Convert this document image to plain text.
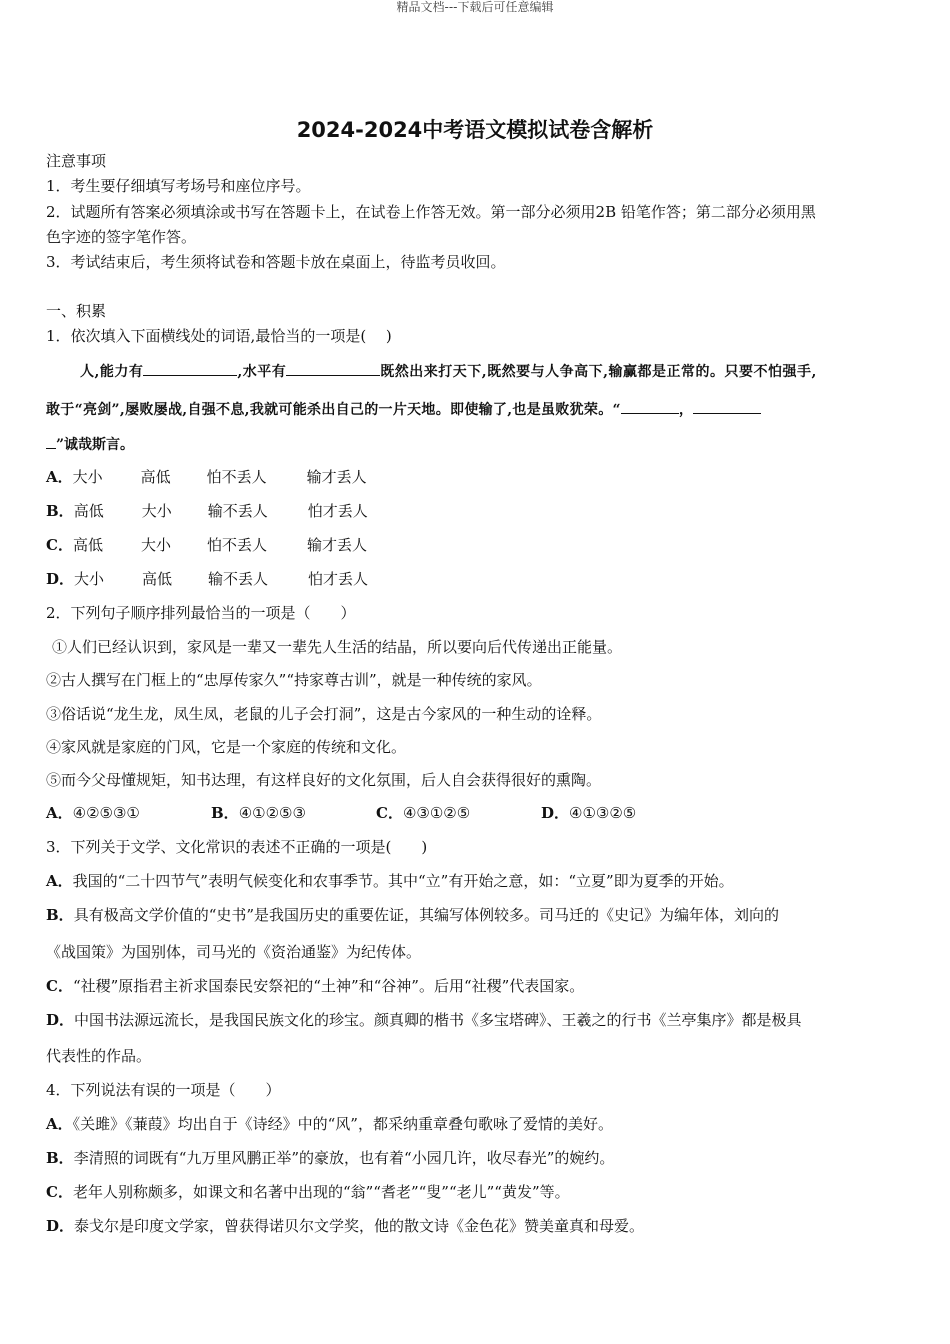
精品文档---下载后可任意编辑
2024-2024中考语文模拟试卷含解析
注意事项
1．考生要仔细填写考场号和座位序号。
2．试题所有答案必须填涂或书写在答题卡上，在试卷上作答无效。第一部分必须用2B 铅笔作答；第二部分必须用黑
色字迹的签字笔作答。
3．考试结束后，考生须将试卷和答题卡放在桌面上，待监考员收回。
一、积累
1．依次填入下面横线处的词语,最恰当的一项是(　 )
人,能力有	,水平有	既然出来打天下,既然要与人争高下,输赢都是正常的。只要不怕强手,
敢于“亮剑”,屡败屡战,自强不息,我就可能杀出自己的一片天地。即使输了,也是虽败犹荣。“	，
”诚哉斯言。
A．大小	高低 怕不丢人	输才丢人
B．高低	大小 输不丢人	怕才丢人
C．高低	大小 怕不丢人	输才丢人
D．大小	高低 输不丢人	怕才丢人
2．下列句子顺序排列最恰当的一项是（　　）
①人们已经认识到，家风是一辈又一辈先人生活的结晶，所以要向后代传递出正能量。
②古人撰写在门框上的“忠厚传家久”“持家尊古训”，就是一种传统的家风。
③俗话说“龙生龙，凤生凤，老鼠的儿子会打洞”，这是古今家风的一种生动的诠释。
④家风就是家庭的门风，它是一个家庭的传统和文化。
⑤而今父母懂规矩，知书达理，有这样良好的文化氛围，后人自会获得很好的熏陶。
A．④②⑤③①	B．④①②⑤③	C．④③①②⑤	D．④①③②⑤
3．下列关于文学、文化常识的表述不正确的一项是(　　)
A．我国的“二十四节气”表明气候变化和农事季节。其中“立”有开始之意，如：“立夏”即为夏季的开始。
B．具有极高文学价值的“史书”是我国历史的重要佐证，其编写体例较多。司马迁的《史记》为编年体，刘向的
《战国策》为国别体，司马光的《资治通鉴》为纪传体。
C．“社稷”原指君主祈求国泰民安祭祀的“土神”和“谷神”。后用“社稷”代表国家。
D．中国书法源远流长，是我国民族文化的珍宝。颜真卿的楷书《多宝塔碑》、王羲之的行书《兰亭集序》都是极具
代表性的作品。
4．下列说法有误的一项是（　　）
A．《关雎》《蒹葭》均出自于《诗经》中的“风”，都采纳重章叠句歌咏了爱情的美好。
B．李清照的词既有“九万里风鹏正举”的豪放，也有着“小园几许，收尽春光”的婉约。
C．老年人别称颇多，如课文和名著中出现的“翁”“耆老”“叟”“老儿”“黄发”等。
D．泰戈尔是印度文学家，曾获得诺贝尔文学奖，他的散文诗《金色花》赞美童真和母爱。
